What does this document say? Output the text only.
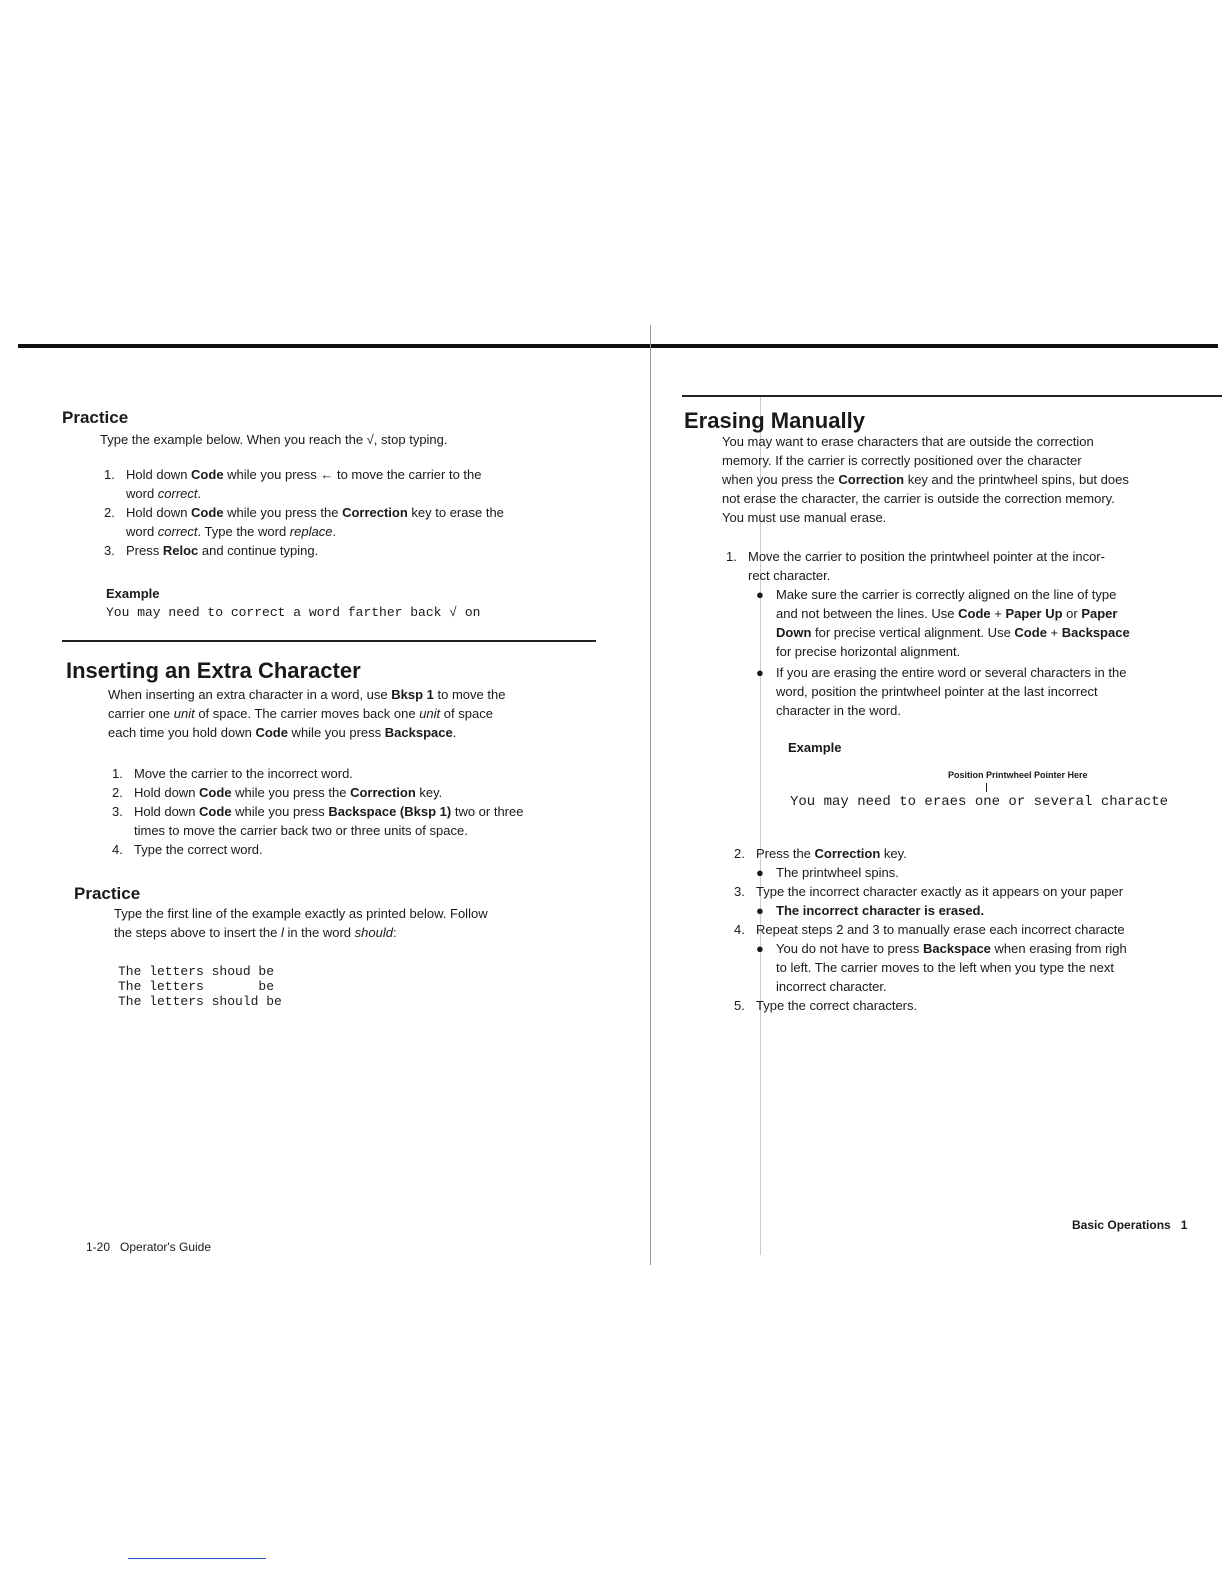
Practice
Type the example below. When you reach the √, stop typing.
1. Hold down Code while you press ← to move the carrier to the
word correct.
2. Hold down Code while you press the Correction key to erase the
word correct. Type the word replace.
3. Press Reloc and continue typing.
Example
You may need to correct a word farther back √ on
Inserting an Extra Character
When inserting an extra character in a word, use Bksp 1 to move the
carrier one unit of space. The carrier moves back one unit of space
each time you hold down Code while you press Backspace.
1. Move the carrier to the incorrect word.
2. Hold down Code while you press the Correction key.
3. Hold down Code while you press Backspace (Bksp 1) two or three
times to move the carrier back two or three units of space.
4. Type the correct word.
Practice
Type the first line of the example exactly as printed below. Follow
the steps above to insert the l in the word should:
The letters shoud be
The letters       be
The letters should be
1-20   Operator's Guide
Erasing Manually
You may want to erase characters that are outside the correction
memory. If the carrier is correctly positioned over the character
when you press the Correction key and the printwheel spins, but does
not erase the character, the carrier is outside the correction memory.
You must use manual erase.
1. Move the carrier to position the printwheel pointer at the incor-
rect character.
● Make sure the carrier is correctly aligned on the line of type
and not between the lines. Use Code + Paper Up or Paper
Down for precise vertical alignment. Use Code + Backspace
for precise horizontal alignment.
● If you are erasing the entire word or several characters in the
word, position the printwheel pointer at the last incorrect
character in the word.
Example
Position Printwheel Pointer Here
You may need to eraes one or several characte
2. Press the Correction key.
● The printwheel spins.
3. Type the incorrect character exactly as it appears on your paper
● The incorrect character is erased.
4. Repeat steps 2 and 3 to manually erase each incorrect characte
● You do not have to press Backspace when erasing from righ
to left. The carrier moves to the left when you type the next
incorrect character.
5. Type the correct characters.
Basic Operations   1
